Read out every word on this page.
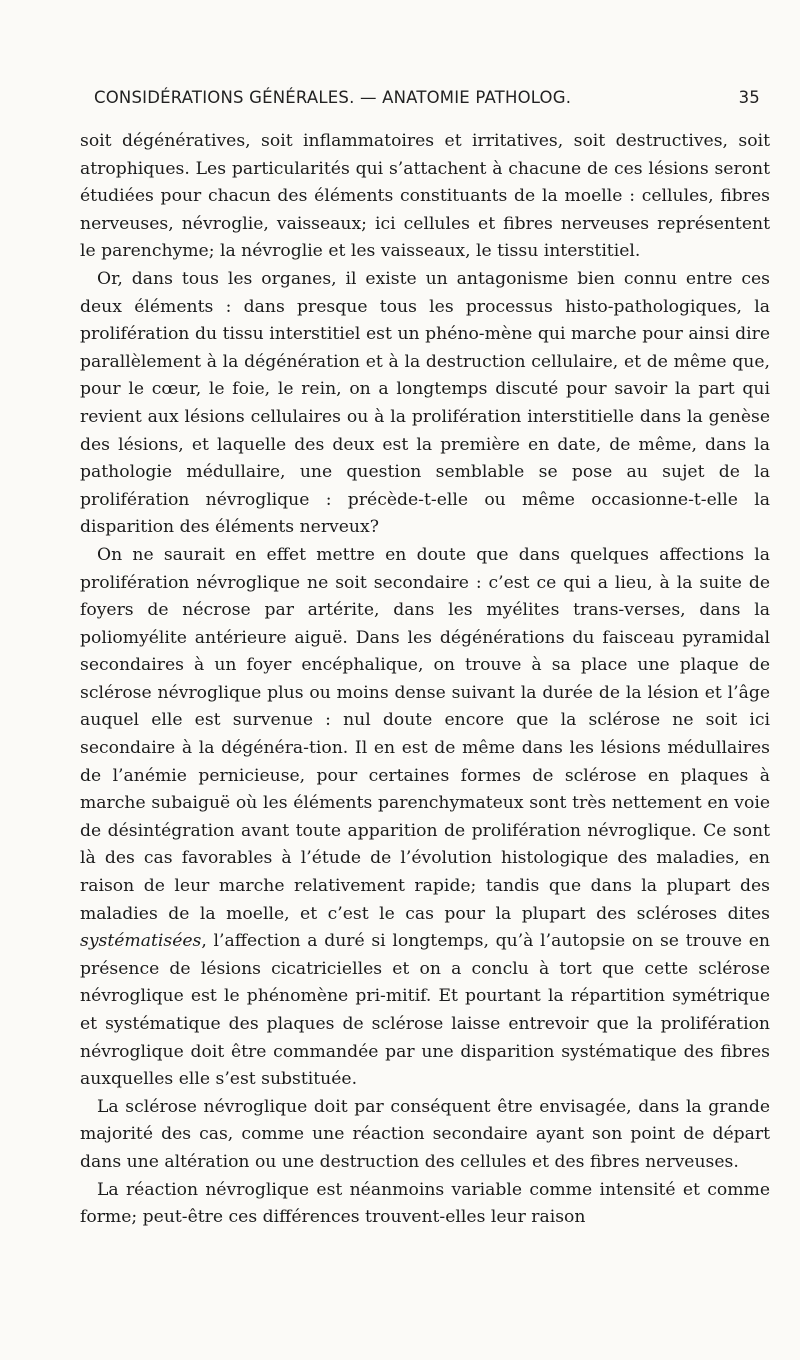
CONSIDÉRATIONS GÉNÉRALES. — ANATOMIE PATHOLOG.	35

soit dégénératives, soit inflammatoires et irritatives, soit destructives, soit atrophiques. Les particularités qui s’attachent à chacune de ces lésions seront étudiées pour chacun des éléments constituants de la moelle : cellules, fibres nerveuses, névroglie, vaisseaux; ici cellules et fibres nerveuses représentent le parenchyme; la névroglie et les vaisseaux, le tissu interstitiel.

Or, dans tous les organes, il existe un antagonisme bien connu entre ces deux éléments : dans presque tous les processus histo-pathologiques, la prolifération du tissu interstitiel est un phéno-mène qui marche pour ainsi dire parallèlement à la dégénération et à la destruction cellulaire, et de même que, pour le cœur, le foie, le rein, on a longtemps discuté pour savoir la part qui revient aux lésions cellulaires ou à la prolifération interstitielle dans la genèse des lésions, et laquelle des deux est la première en date, de même, dans la pathologie médullaire, une question semblable se pose au sujet de la prolifération névroglique : précède-t-elle ou même occasionne-t-elle la disparition des éléments nerveux?

On ne saurait en effet mettre en doute que dans quelques affections la prolifération névroglique ne soit secondaire : c’est ce qui a lieu, à la suite de foyers de nécrose par artérite, dans les myélites trans-verses, dans la poliomyélite antérieure aiguë. Dans les dégénérations du faisceau pyramidal secondaires à un foyer encéphalique, on trouve à sa place une plaque de sclérose névroglique plus ou moins dense suivant la durée de la lésion et l’âge auquel elle est survenue : nul doute encore que la sclérose ne soit ici secondaire à la dégénéra-tion. Il en est de même dans les lésions médullaires de l’anémie pernicieuse, pour certaines formes de sclérose en plaques à marche subaiguë où les éléments parenchymateux sont très nettement en voie de désintégration avant toute apparition de prolifération névroglique. Ce sont là des cas favorables à l’étude de l’évolution histologique des maladies, en raison de leur marche relativement rapide; tandis que dans la plupart des maladies de la moelle, et c’est le cas pour la plupart des scléroses dites systématisées, l’affection a duré si longtemps, qu’à l’autopsie on se trouve en présence de lésions cicatricielles et on a conclu à tort que cette sclérose névroglique est le phénomène pri-mitif. Et pourtant la répartition symétrique et systématique des plaques de sclérose laisse entrevoir que la prolifération névroglique doit être commandée par une disparition systématique des fibres auxquelles elle s’est substituée.

La sclérose névroglique doit par conséquent être envisagée, dans la grande majorité des cas, comme une réaction secondaire ayant son point de départ dans une altération ou une destruction des cellules et des fibres nerveuses.

La réaction névroglique est néanmoins variable comme intensité et comme forme; peut-être ces différences trouvent-elles leur raison
